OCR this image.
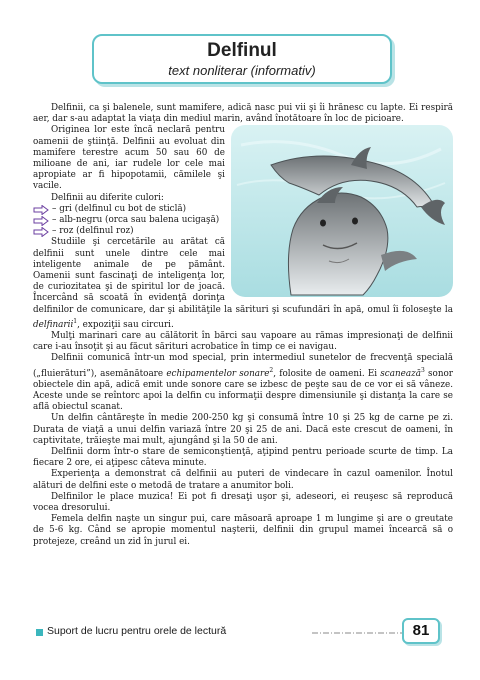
Delfinul
text nonliterar (informativ)

Delfinii, ca şi balenele, sunt mamifere, adică nasc pui vii şi îi hrănesc cu lapte. Ei respiră aer, dar s-au adaptat la viaţa din mediul marin, având înotătoare în loc de picioare.

Originea lor este încă neclară pentru oamenii de ştiinţă. Delfinii au evoluat din mamifere terestre acum 50 sau 60 de milioane de ani, iar rudele lor cele mai apropiate ar fi hipopotamii, cămilele şi vacile.

Delfinii au diferite culori:

– gri (delfinul cu bot de sticlă)
– alb-negru (orca sau balena ucigaşă)
– roz (delfinul roz)

Studiile şi cercetările au arătat că delfinii sunt unele dintre cele mai inteligente animale de pe pământ. Oamenii sunt fascinaţi de inteligenţa lor, de curiozitatea şi de spiritul lor de joacă. Încercând să scoată în evidenţă dorinţa delfinilor de comunicare, dar şi abilităţile la sărituri şi scufundări în apă, omul îi foloseşte la delfinarii$^1$, expoziţii sau circuri.

Mulţi marinari care au călătorit în bărci sau vapoare au rămas impresionaţi de delfinii care i-au însoţit şi au făcut sărituri acrobatice în timp ce ei navigau.

Delfinii comunică într-un mod special, prin intermediul sunetelor de frecvenţă specială („fluierături”), asemănătoare echipamentelor sonare$^2$, folosite de oameni. Ei scanează$^3$ sonor obiectele din apă, adică emit unde sonore care se izbesc de peşte sau de ce vor ei să vâneze. Aceste unde se reîntorc apoi la delfin cu informaţii despre dimensiunile şi distanţa la care se află obiectul scanat.

Un delfin cântăreşte în medie 200-250 kg şi consumă între 10 şi 25 kg de carne pe zi. Durata de viaţă a unui delfin variază între 20 şi 25 de ani. Dacă este crescut de oameni, în captivitate, trăieşte mai mult, ajungând şi la 50 de ani.

Delfinii dorm într-o stare de semiconştienţă, aţipind pentru perioade scurte de timp. La fiecare 2 ore, ei aţipesc câteva minute.

Experienţa a demonstrat că delfinii au puteri de vindecare în cazul oamenilor. Înotul alături de delfini este o metodă de tratare a anumitor boli.

Delfinilor le place muzica! Ei pot fi dresaţi uşor şi, adeseori, ei reuşesc să reproducă vocea dresorului.

Femela delfin naşte un singur pui, care măsoară aproape 1 m lungime şi are o greutate de 5-6 kg. Când se apropie momentul naşterii, delfinii din grupul mamei încearcă să o protejeze, creând un zid în jurul ei.

Suport de lucru pentru orele de lectură	81
